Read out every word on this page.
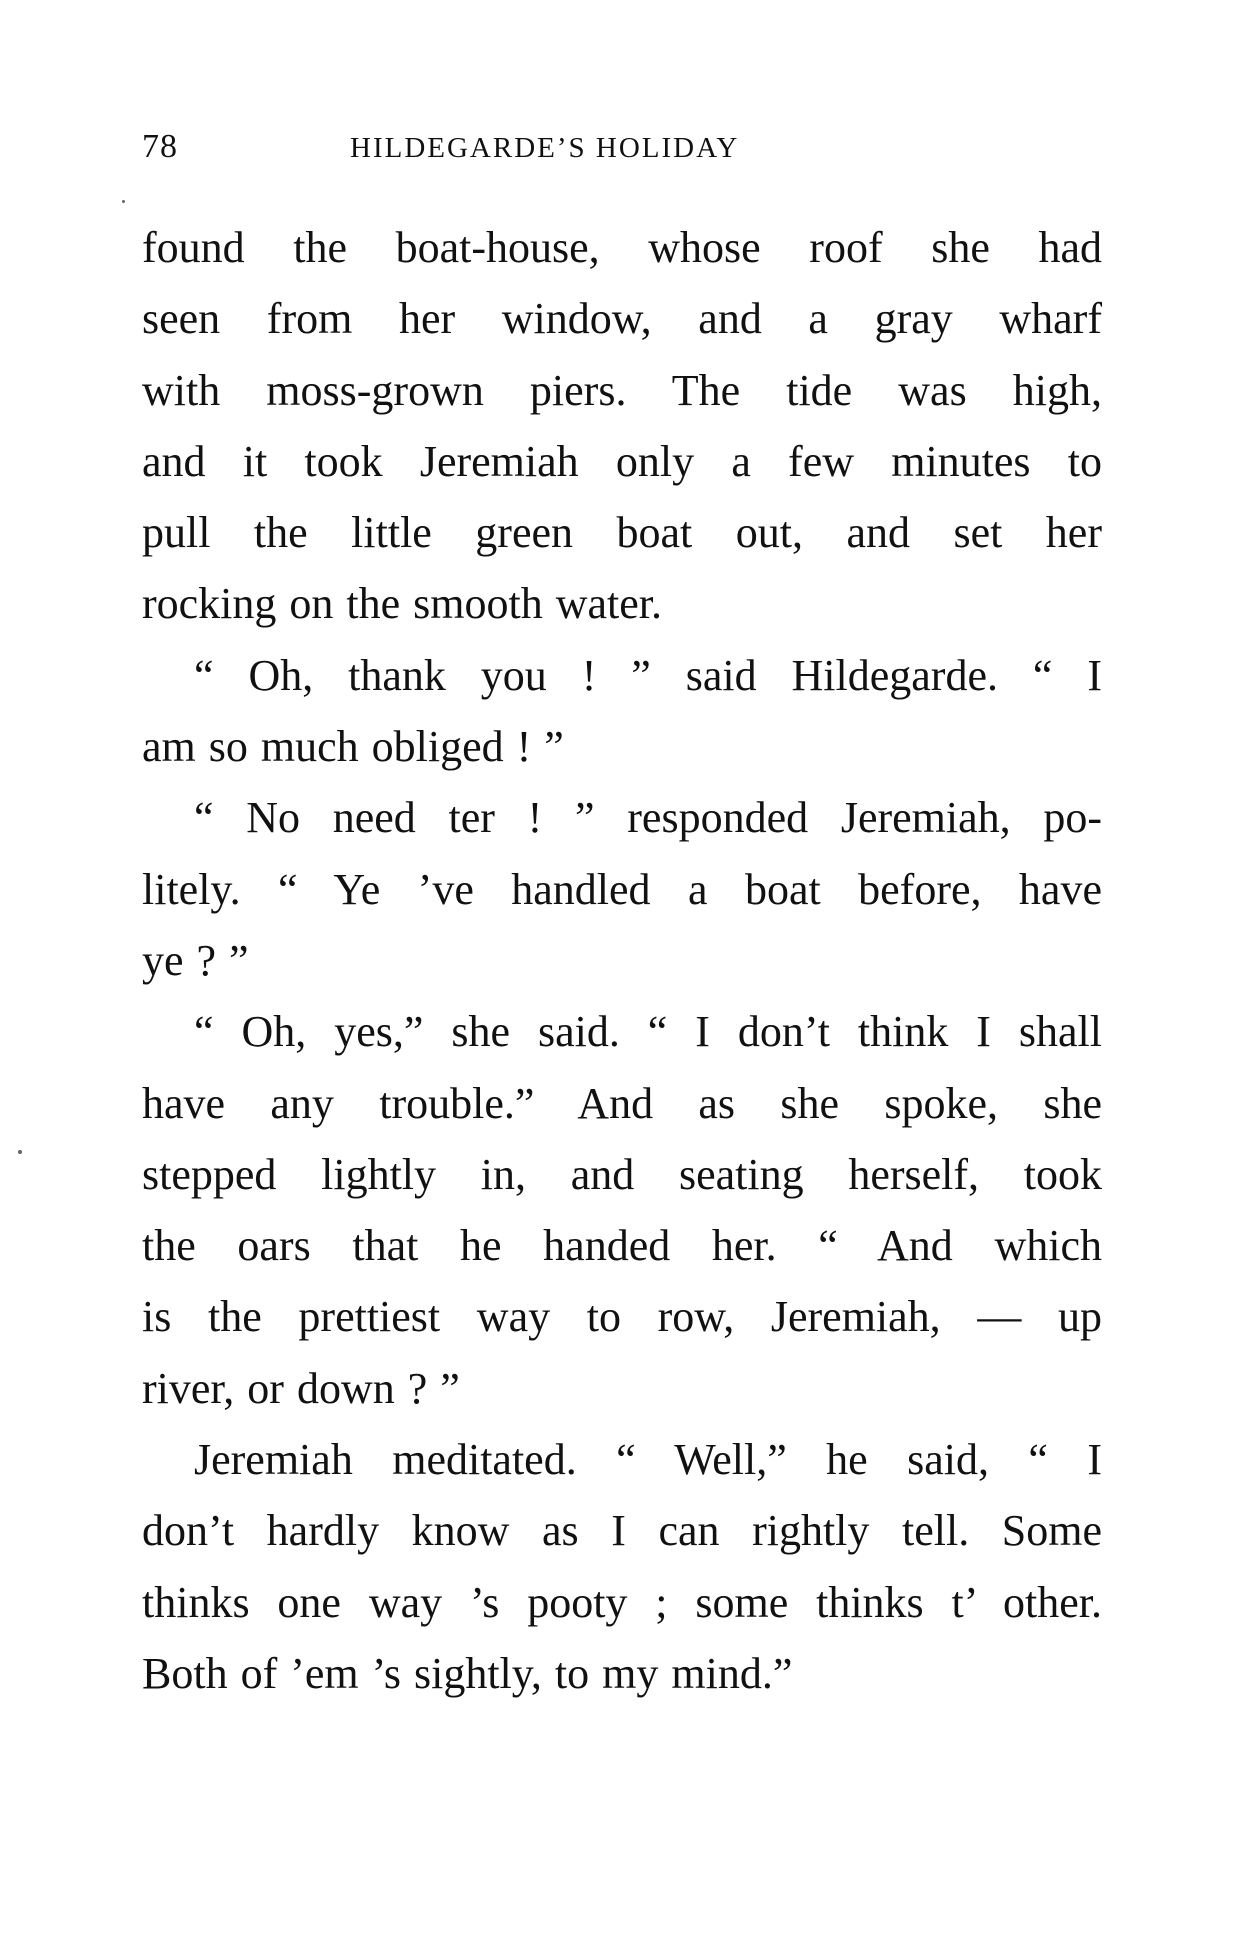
78	HILDEGARDE’S HOLIDAY
found the boat-house, whose roof she had
seen from her window, and a gray wharf
with moss-grown piers. The tide was high,
and it took Jeremiah only a few minutes to
pull the little green boat out, and set her
rocking on the smooth water.
“ Oh, thank you ! ” said Hildegarde. “ I
am so much obliged ! ”
“ No need ter ! ” responded Jeremiah, po-
litely. “ Ye ’ve handled a boat before, have
ye ? ”
“ Oh, yes,” she said. “ I don’t think I shall
have any trouble.” And as she spoke, she
stepped lightly in, and seating herself, took
the oars that he handed her. “ And which
is the prettiest way to row, Jeremiah, — up
river, or down ? ”
Jeremiah meditated. “ Well,” he said, “ I
don’t hardly know as I can rightly tell. Some
thinks one way ’s pooty ; some thinks t’ other.
Both of ’em ’s sightly, to my mind.”
